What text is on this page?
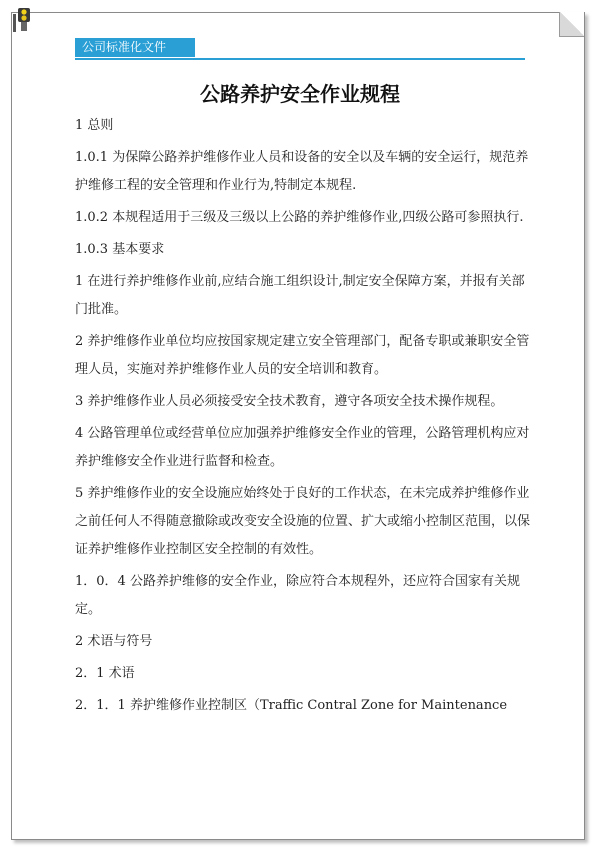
公司标准化文件
公路养护安全作业规程

1 总则

1.0.1 为保障公路养护维修作业人员和设备的安全以及车辆的安全运行，规范养护维修工程的安全管理和作业行为,特制定本规程.

1.0.2 本规程适用于三级及三级以上公路的养护维修作业,四级公路可参照执行.

1.0.3 基本要求

1 在进行养护维修作业前,应结合施工组织设计,制定安全保障方案，并报有关部门批准。

2 养护维修作业单位均应按国家规定建立安全管理部门，配备专职或兼职安全管理人员，实施对养护维修作业人员的安全培训和教育。

3 养护维修作业人员必须接受安全技术教育，遵守各项安全技术操作规程。

4 公路管理单位或经营单位应加强养护维修安全作业的管理，公路管理机构应对养护维修安全作业进行监督和检查。

5 养护维修作业的安全设施应始终处于良好的工作状态，在未完成养护维修作业之前任何人不得随意撤除或改变安全设施的位置、扩大或缩小控制区范围，以保证养护维修作业控制区安全控制的有效性。

1．0．4 公路养护维修的安全作业，除应符合本规程外，还应符合国家有关规定。

2 术语与符号

2．1 术语

2．1．1 养护维修作业控制区（Traffic Contral Zone for Maintenance
